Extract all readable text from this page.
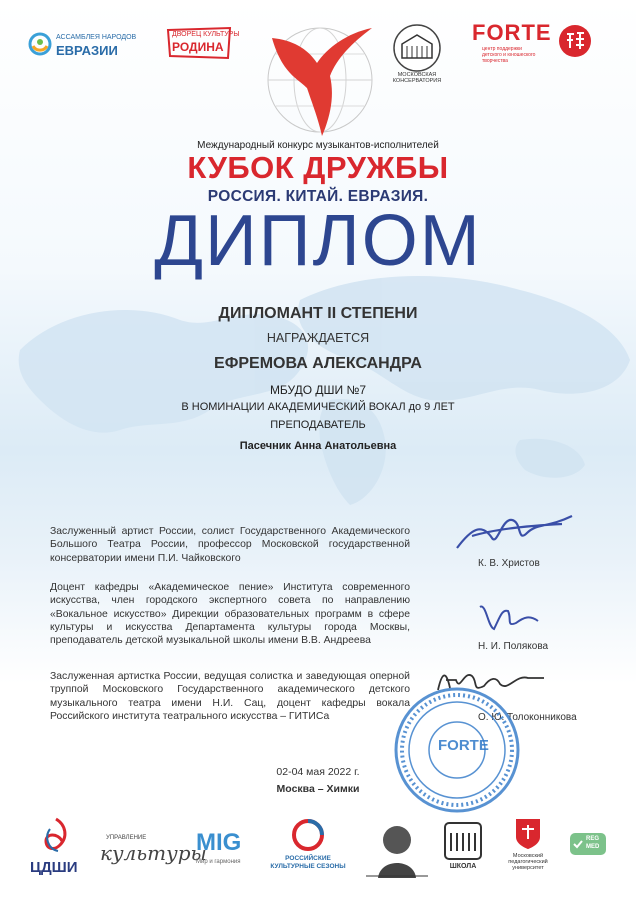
АССАМБЛЕЯ НАРОДОВ
ЕВРАЗИИ
ДВОРЕЦ КУЛЬТУРЫ
РОДИНА
МОСКОВСКАЯ КОНСЕРВАТОРИЯ
FORTE
центр поддержки детского и юношеского творчества
Международный конкурс музыкантов-исполнителей
КУБОК ДРУЖБЫ
РОССИЯ. КИТАЙ. ЕВРАЗИЯ.
ДИПЛОМ
ДИПЛОМАНТ II СТЕПЕНИ
НАГРАЖДАЕТСЯ
ЕФРЕМОВА АЛЕКСАНДРА
МБУДО ДШИ №7
В НОМИНАЦИИ АКАДЕМИЧЕСКИЙ ВОКАЛ до 9 ЛЕТ
ПРЕПОДАВАТЕЛЬ
Пасечник Анна Анатольевна
Заслуженный артист России, солист Государственного Академического Большого Театра России, профессор Московской государственной консерватории имени П.И. Чайковского
Доцент кафедры «Академическое пение» Института современного искусства, член городского экспертного совета по направлению «Вокальное искусство» Дирекции образовательных программ в сфере культуры и искусства Департамента культуры города Москвы, преподаватель детской музыкальной школы имени В.В. Андреева
Заслуженная артистка России, ведущая солистка и заведующая оперной труппой Московского Государственного академического детского музыкального театра имени Н.И. Сац, доцент кафедры вокала Российского института театрального искусства – ГИТИСа
К. В. Христов
Н. И. Полякова
О. Ю. Толоконникова
FORTE
02-04 мая 2022 г.
Москва – Химки
ЦДШИ
УПРАВЛЕНИЕ
культуры
MIG
Мир и гармония	РОССИЙСКИЕ
КУЛЬТУРНЫЕ СЕЗОНЫ	ШКОЛА
Московский
педагогический
университет
REG
MED
